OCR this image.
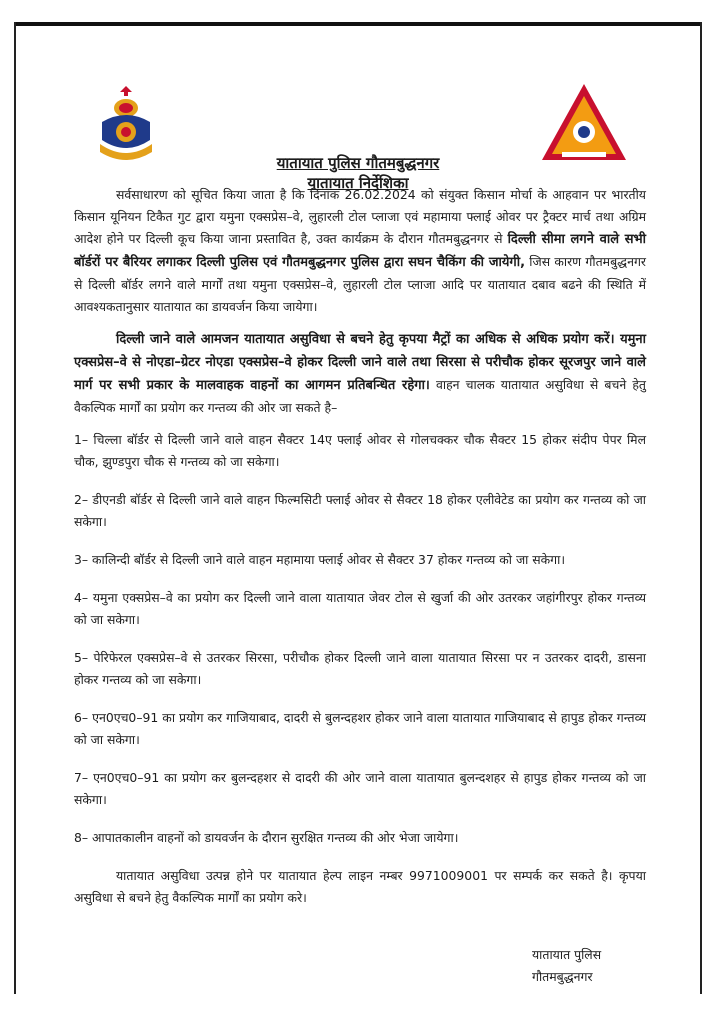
यातायात पुलिस गौतमबुद्धनगर
यातायात निर्देशिका

सर्वसाधारण को सूचित किया जाता है कि दिनांक 26.02.2024 को संयुक्त किसान मोर्चा के आहवान पर भारतीय किसान यूनियन टिकैत गुट द्वारा यमुना एक्सप्रेस–वे, लुहारली टोल प्लाजा एवं महामाया फ्लाई ओवर पर ट्रैक्टर मार्च तथा अग्रिम आदेश होने पर दिल्ली कूच किया जाना प्रस्तावित है, उक्त कार्यक्रम के दौरान गौतमबुद्धनगर से दिल्ली सीमा लगने वाले सभी बॉर्डरों पर बैरियर लगाकर दिल्ली पुलिस एवं गौतमबुद्धनगर पुलिस द्वारा सघन चैकिंग की जायेगी, जिस कारण गौतमबुद्धनगर से दिल्ली बॉर्डर लगने वाले मार्गों तथा यमुना एक्सप्रेस–वे, लुहारली टोल प्लाजा आदि पर यातायात दबाव बढने की स्थिति में आवश्यकतानुसार यातायात का डायवर्जन किया जायेगा।

दिल्ली जाने वाले आमजन यातायात असुविधा से बचने हेतु कृपया मैट्रों का अधिक से अधिक प्रयोग करें। यमुना एक्सप्रेस–वे से नोएडा–ग्रेटर नोएडा एक्सप्रेस–वे होकर दिल्ली जाने वाले तथा सिरसा से परीचौक होकर सूरजपुर जाने वाले मार्ग पर सभी प्रकार के मालवाहक वाहनों का आगमन प्रतिबन्धित रहेगा। वाहन चालक यातायात असुविधा से बचने हेतु वैकल्पिक मार्गों का प्रयोग कर गन्तव्य की ओर जा सकते है–

1– चिल्ला बॉर्डर से दिल्ली जाने वाले वाहन सैक्टर 14ए फ्लाई ओवर से गोलचक्कर चौक सैक्टर 15 होकर संदीप पेपर मिल चौक, झुण्डपुरा चौक से गन्तव्य को जा सकेगा।

2– डीएनडी बॉर्डर से दिल्ली जाने वाले वाहन फिल्मसिटी फ्लाई ओवर से सैक्टर 18 होकर एलीवेटेड का प्रयोग कर गन्तव्य को जा सकेगा।

3– कालिन्दी बॉर्डर से दिल्ली जाने वाले वाहन महामाया फ्लाई ओवर से सैक्टर 37 होकर गन्तव्य को जा सकेगा।

4– यमुना एक्सप्रेस–वे का प्रयोग कर दिल्ली जाने वाला यातायात जेवर टोल से खुर्जा की ओर उतरकर जहांगीरपुर होकर गन्तव्य को जा सकेगा।

5– पेरिफेरल एक्सप्रेस–वे से उतरकर सिरसा, परीचौक होकर दिल्ली जाने वाला यातायात सिरसा पर न उतरकर दादरी, डासना होकर गन्तव्य को जा सकेगा।

6– एन0एच0–91 का प्रयोग कर गाजियाबाद, दादरी से बुलन्दहशर होकर जाने वाला यातायात गाजियाबाद से हापुड होकर गन्तव्य को जा सकेगा।

7– एन0एच0–91 का प्रयोग कर बुलन्दहशर से दादरी की ओर जाने वाला यातायात बुलन्दशहर से हापुड होकर गन्तव्य को जा सकेगा।

8– आपातकालीन वाहनों को डायवर्जन के दौरान सुरक्षित गन्तव्य की ओर भेजा जायेगा।

यातायात असुविधा उत्पन्न होने पर यातायात हेल्प लाइन नम्बर 9971009001 पर सम्पर्क कर सकते है। कृपया असुविधा से बचने हेतु वैकल्पिक मार्गों का प्रयोग करे।

यातायात पुलिस
गौतमबुद्धनगर
